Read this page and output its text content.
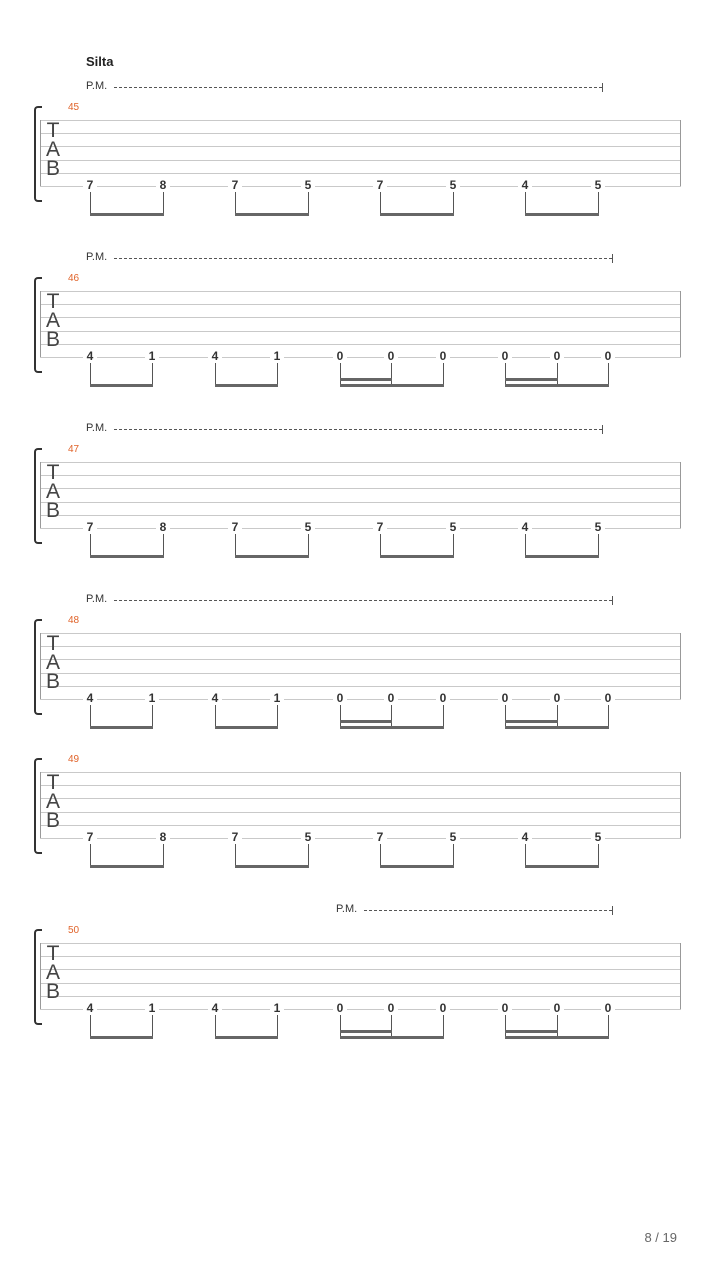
Silta
P.M.
45
T
A
B
7	8	7	5	7	5	4	5
P.M.
46
T
A
B
4	1	4	1	0	0	0	0	0	0
P.M.
47
T
A
B
7	8	7	5	7	5	4	5
P.M.
48
T
A
B
4	1	4	1	0	0	0	0	0	0
49
T
A
B
7	8	7	5	7	5	4	5
P.M.
50
T
A
B
4	1	4	1	0	0	0	0	0	0
8 / 19
